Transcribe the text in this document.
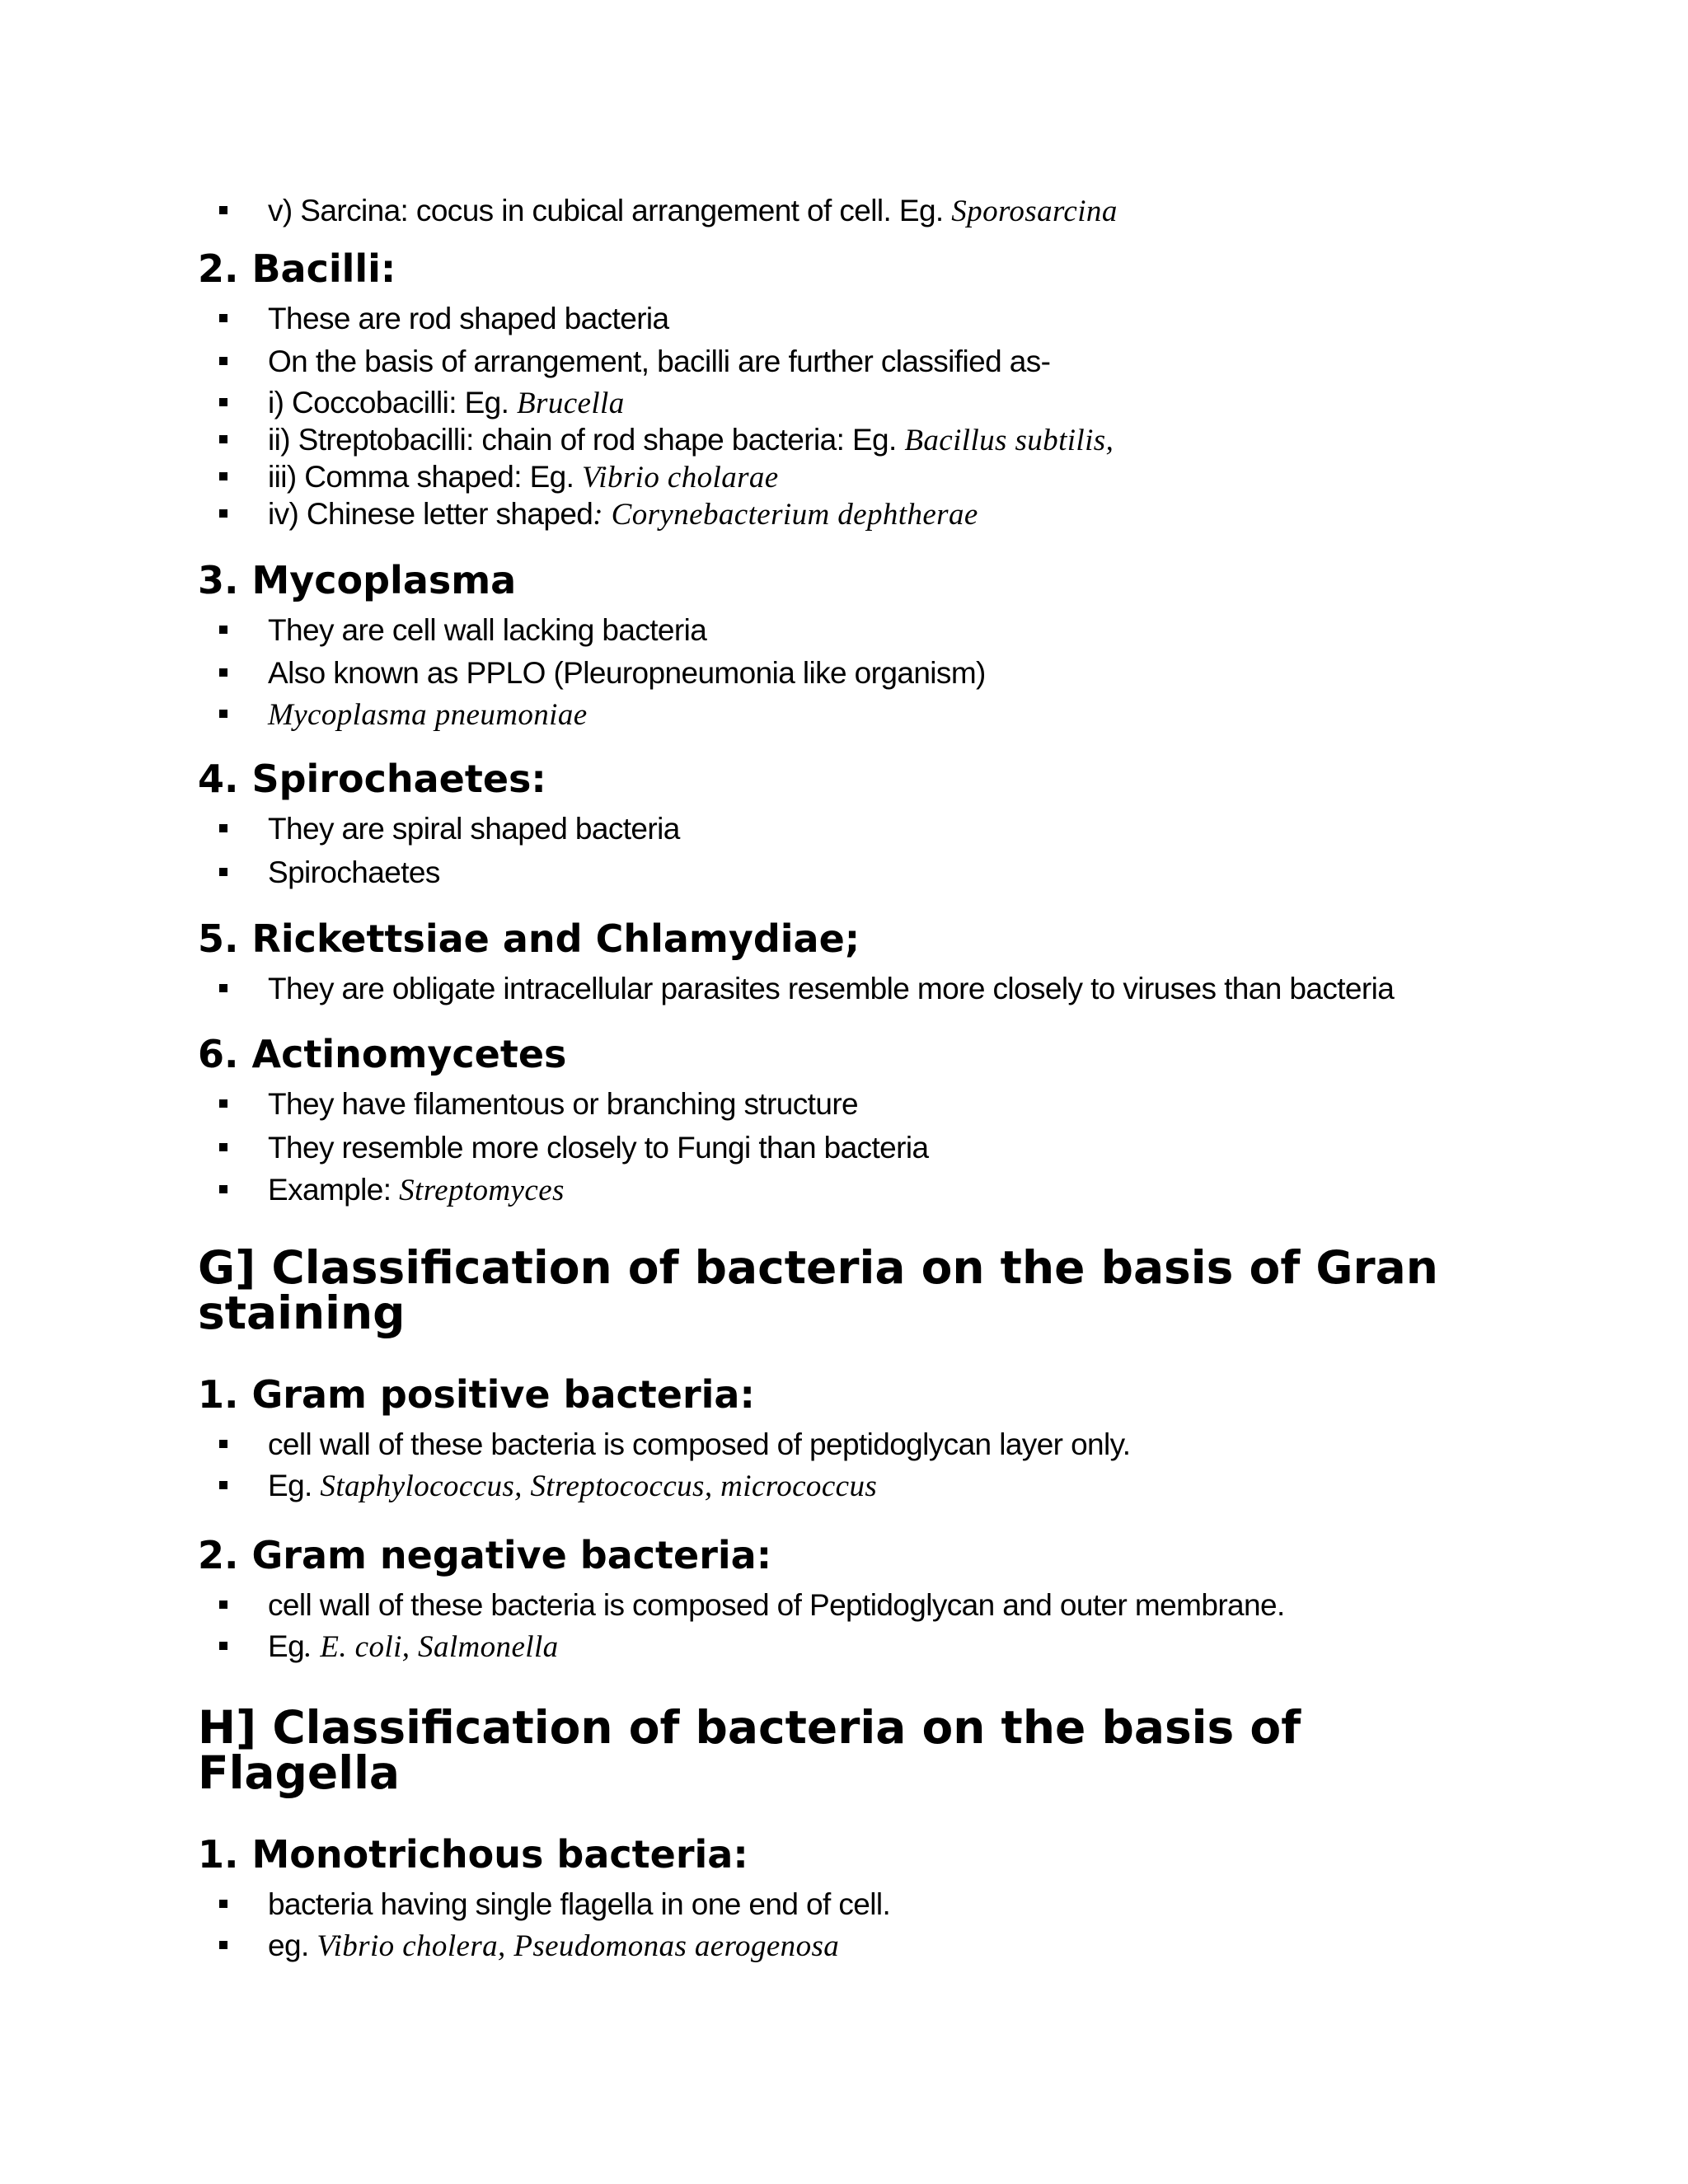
v) Sarcina: cocus in cubical arrangement of cell. Eg. Sporosarcina
2. Bacilli:
These are rod shaped bacteria
On the basis of arrangement, bacilli are further classified as-
i) Coccobacilli: Eg. Brucella
ii) Streptobacilli: chain of rod shape bacteria: Eg. Bacillus subtilis,
iii) Comma shaped: Eg. Vibrio cholarae
iv) Chinese letter shaped: Corynebacterium dephtherae
3. Mycoplasma
They are cell wall lacking bacteria
Also known as PPLO (Pleuropneumonia like organism)
Mycoplasma pneumoniae
4. Spirochaetes:
They are spiral shaped bacteria
Spirochaetes
5. Rickettsiae and Chlamydiae;
They are obligate intracellular parasites resemble more closely to viruses than bacteria
6. Actinomycetes
They have filamentous or branching structure
They resemble more closely to Fungi than bacteria
Example: Streptomyces
G] Classification of bacteria on the basis of Gran staining
1. Gram positive bacteria:
cell wall of these bacteria is composed of peptidoglycan layer only.
Eg. Staphylococcus, Streptococcus, micrococcus
2. Gram negative bacteria:
cell wall of these bacteria is composed of Peptidoglycan and outer membrane.
Eg. E. coli, Salmonella
H] Classification of bacteria on the basis of Flagella
1. Monotrichous bacteria:
bacteria having single flagella in one end of cell.
eg. Vibrio cholera, Pseudomonas aerogenosa
